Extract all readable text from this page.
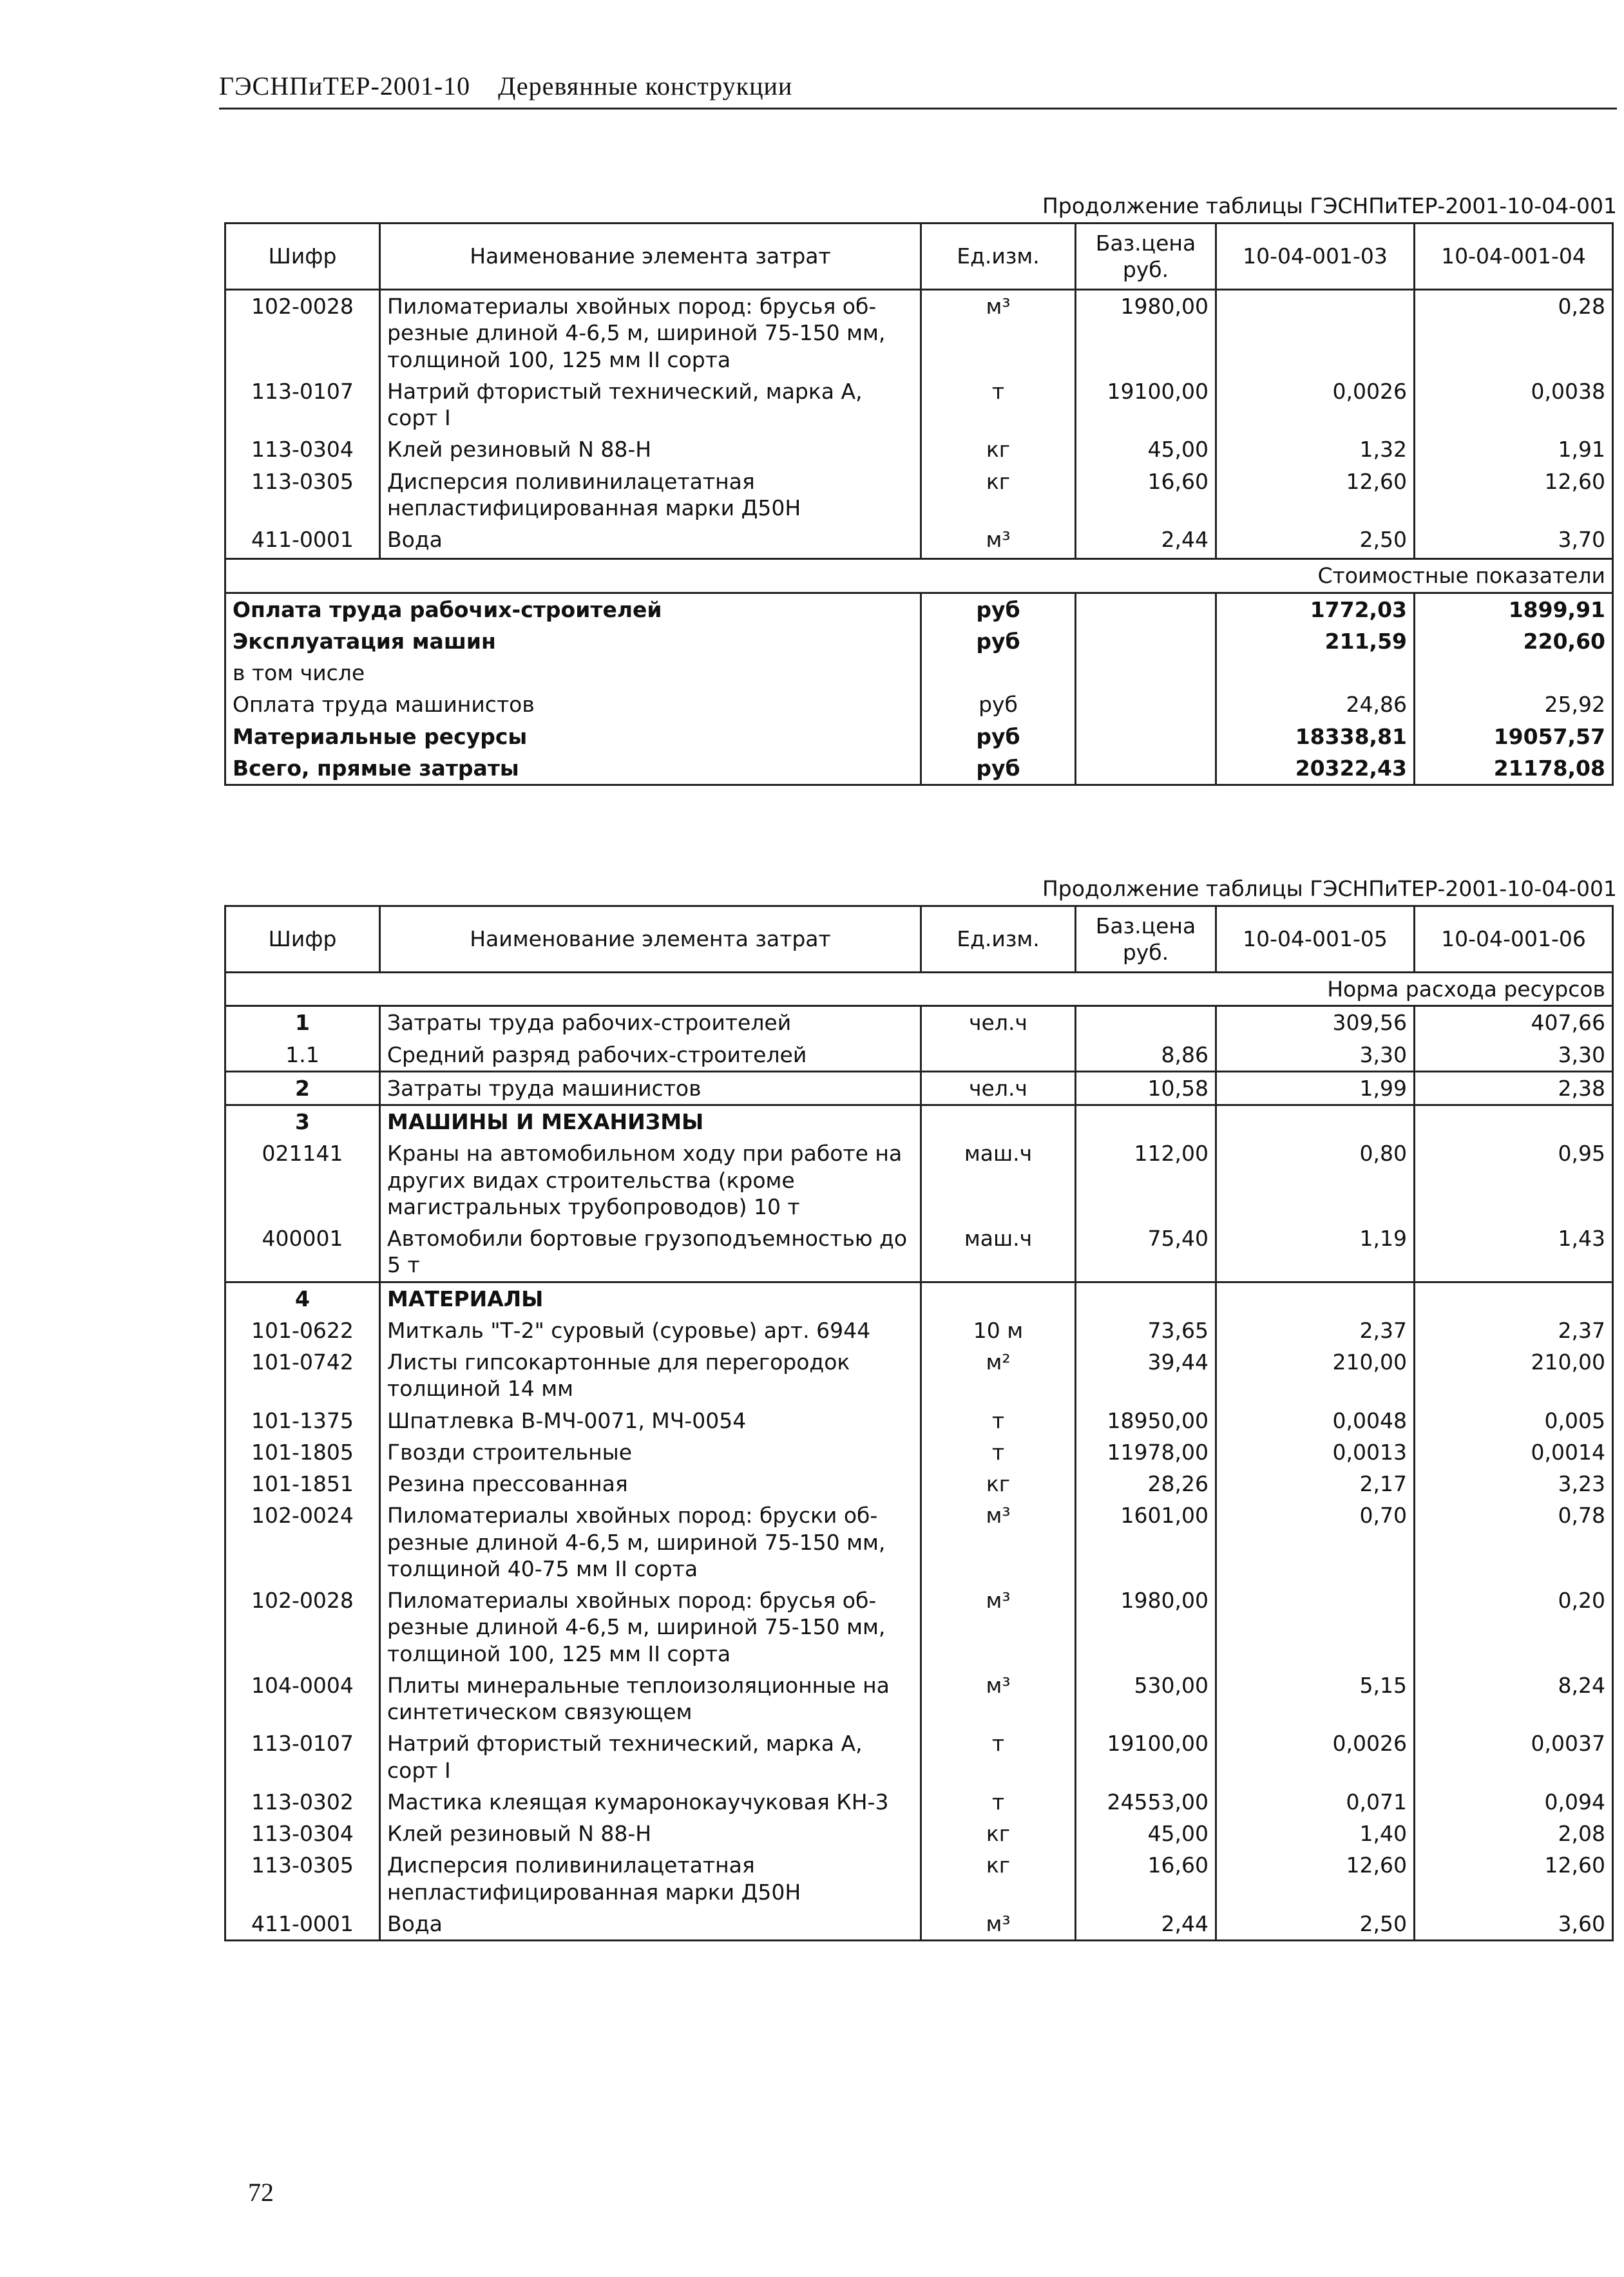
ГЭСНПиТЕР-2001-10 Деревянные конструкции
Продолжение таблицы ГЭСНПиТЕР-2001-10-04-001
Шифр	Наименование элемента затрат	Ед.изм.	Баз.цена руб.	10-04-001-03	10-04-001-04
102-0028	Пиломатериалы хвойных пород: брусья об-резные длиной 4-6,5 м, шириной 75-150 мм, толщиной 100, 125 мм II сорта	м³	1980,00		0,28
113-0107	Натрий фтористый технический, марка А, сорт I	т	19100,00	0,0026	0,0038
113-0304	Клей резиновый N 88-Н	кг	45,00	1,32	1,91
113-0305	Дисперсия поливинилацетатная непластифицированная марки Д50Н	кг	16,60	12,60	12,60
411-0001	Вода	м³	2,44	2,50	3,70
Стоимостные показатели					
Оплата труда рабочих-строителей		руб		1772,03	1899,91
Эксплуатация машин		руб		211,59	220,60
в том числе					
Оплата труда машинистов		руб		24,86	25,92
Материальные ресурсы		руб		18338,81	19057,57
Всего, прямые затраты		руб		20322,43	21178,08
Продолжение таблицы ГЭСНПиТЕР-2001-10-04-001
Шифр	Наименование элемента затрат	Ед.изм.	Баз.цена руб.	10-04-001-05	10-04-001-06
Норма расхода ресурсов					
1	Затраты труда рабочих-строителей	чел.ч		309,56	407,66
1.1	Средний разряд рабочих-строителей		8,86	3,30	3,30
2	Затраты труда машинистов	чел.ч	10,58	1,99	2,38
3	МАШИНЫ И МЕХАНИЗМЫ				
021141	Краны на автомобильном ходу при работе на других видах строительства (кроме магистральных трубопроводов) 10 т	маш.ч	112,00	0,80	0,95
400001	Автомобили бортовые грузоподъемностью до 5 т	маш.ч	75,40	1,19	1,43
4	МАТЕРИАЛЫ				
101-0622	Миткаль "Т-2" суровый (суровье) арт. 6944	10 м	73,65	2,37	2,37
101-0742	Листы гипсокартонные для перегородок толщиной 14 мм	м²	39,44	210,00	210,00
101-1375	Шпатлевка В-МЧ-0071, МЧ-0054	т	18950,00	0,0048	0,005
101-1805	Гвозди строительные	т	11978,00	0,0013	0,0014
101-1851	Резина прессованная	кг	28,26	2,17	3,23
102-0024	Пиломатериалы хвойных пород: бруски об-резные длиной 4-6,5 м, шириной 75-150 мм, толщиной 40-75 мм II сорта	м³	1601,00	0,70	0,78
102-0028	Пиломатериалы хвойных пород: брусья об-резные длиной 4-6,5 м, шириной 75-150 мм, толщиной 100, 125 мм II сорта	м³	1980,00		0,20
104-0004	Плиты минеральные теплоизоляционные на синтетическом связующем	м³	530,00	5,15	8,24
113-0107	Натрий фтористый технический, марка А, сорт I	т	19100,00	0,0026	0,0037
113-0302	Мастика клеящая кумаронокаучуковая КН-3	т	24553,00	0,071	0,094
113-0304	Клей резиновый N 88-Н	кг	45,00	1,40	2,08
113-0305	Дисперсия поливинилацетатная непластифицированная марки Д50Н	кг	16,60	12,60	12,60
411-0001	Вода	м³	2,44	2,50	3,60
72
